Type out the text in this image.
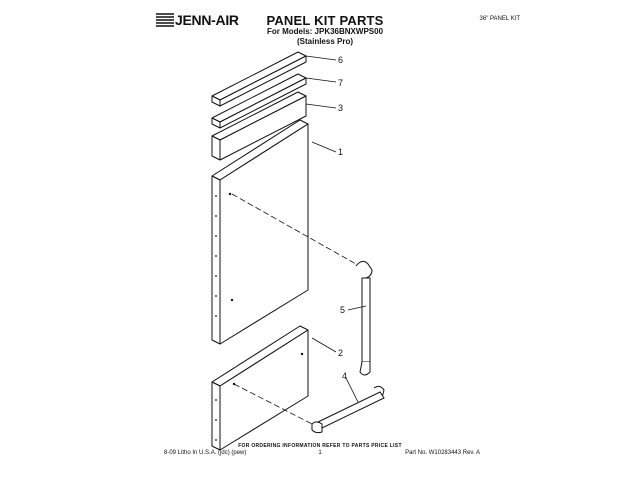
JENN-AIR	PANEL KIT PARTS
For Models: JPK36BNXWPS00
(Stainless Pro)
36" PANEL KIT
6
7
3
1
5
2
4
FOR ORDERING INFORMATION REFER TO PARTS PRICE LIST
8-09 Litho In U.S.A. (jdc) (pew)	1	Part No. W10283443 Rev. A
